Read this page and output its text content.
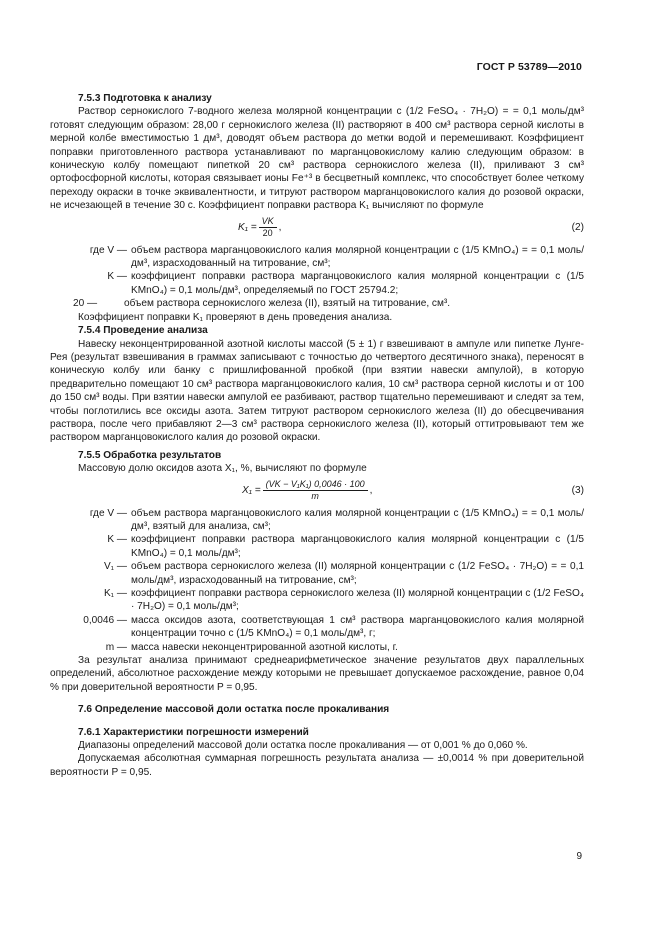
ГОСТ Р 53789—2010
7.5.3 Подготовка к анализу
Раствор сернокислого 7-водного железа молярной концентрации с (1/2 FeSO₄ · 7H₂O) = = 0,1 моль/дм³ готовят следующим образом: 28,00 г сернокислого железа (II) растворяют в 400 см³ раствора серной кислоты в мерной колбе вместимостью 1 дм³, доводят объем раствора до метки водой и перемешивают. Коэффициент поправки приготовленного раствора устанавливают по марганцовокислому калию следующим образом: в коническую колбу помещают пипеткой 20 см³ раствора сернокислого железа (II), приливают 3 см³ ортофосфорной кислоты, которая связывает ионы Fe⁺³ в бесцветный комплекс, что способствует более четкому переходу окраски в точке эквивалентности, и титруют раствором марганцовокислого калия до розовой окраски, не исчезающей в течение 30 с. Коэффициент поправки раствора K₁ вычисляют по формуле
$K_1 = \frac{VK}{20}$ ,	(2)
где V — объем раствора марганцовокислого калия молярной концентрации с (1/5 KMnO₄) = = 0,1 моль/дм³, израсходованный на титрование, см³;
K — коэффициент поправки раствора марганцовокислого калия молярной концентрации с (1/5 KMnO₄) = 0,1 моль/дм³, определяемый по ГОСТ 25794.2;
20 —	объем раствора сернокислого железа (II), взятый на титрование, см³.
Коэффициент поправки K₁ проверяют в день проведения анализа.
7.5.4 Проведение анализа
Навеску неконцентрированной азотной кислоты массой (5 ± 1) г взвешивают в ампуле или пипетке Лунге-Рея (результат взвешивания в граммах записывают с точностью до четвертого десятичного знака), переносят в коническую колбу или банку с пришлифованной пробкой (при взятии навески ампулой), в которую предварительно помещают 10 см³ раствора марганцовокислого калия, 10 см³ раствора серной кислоты и от 100 до 150 см³ воды. При взятии навески ампулой ее разбивают, раствор тщательно перемешивают и следят за тем, чтобы поглотились все оксиды азота. Затем титруют раствором сернокислого железа (II) до обесцвечивания раствора, после чего прибавляют 2—3 см³ раствора сернокислого железа (II), который оттитровывают тем же раствором марганцовокислого калия до розовой окраски.
7.5.5 Обработка результатов
Массовую долю оксидов азота X₁, %, вычисляют по формуле
$X_1 = \frac{\text{(VK − V₁K₁) 0,0046 · 100}}{m}$ ,	(3)
где V — объем раствора марганцовокислого калия молярной концентрации с (1/5 KMnO₄) = = 0,1 моль/дм³, взятый для анализа, см³;
K — коэффициент поправки раствора марганцовокислого калия молярной концентрации с (1/5 KMnO₄) = 0,1 моль/дм³;
V₁ — объем раствора сернокислого железа (II) молярной концентрации с (1/2 FeSO₄ · 7H₂O) = = 0,1 моль/дм³, израсходованный на титрование, см³;
K₁ — коэффициент поправки раствора сернокислого железа (II) молярной концентрации с (1/2 FeSO₄ · 7H₂O) = 0,1 моль/дм³;
0,0046 — масса оксидов азота, соответствующая 1 см³ раствора марганцовокислого калия молярной концентрации точно с (1/5 KMnO₄) = 0,1 моль/дм³, г;
m — масса навески неконцентрированной азотной кислоты, г.
За результат анализа принимают среднеарифметическое значение результатов двух параллельных определений, абсолютное расхождение между которыми не превышает допускаемое расхождение, равное 0,04 % при доверительной вероятности P = 0,95.
7.6 Определение массовой доли остатка после прокаливания
7.6.1 Характеристики погрешности измерений
Диапазоны определений массовой доли остатка после прокаливания — от 0,001 % до 0,060 %.
Допускаемая абсолютная суммарная погрешность результата анализа — ±0,0014 % при доверительной вероятности P = 0,95.
9
